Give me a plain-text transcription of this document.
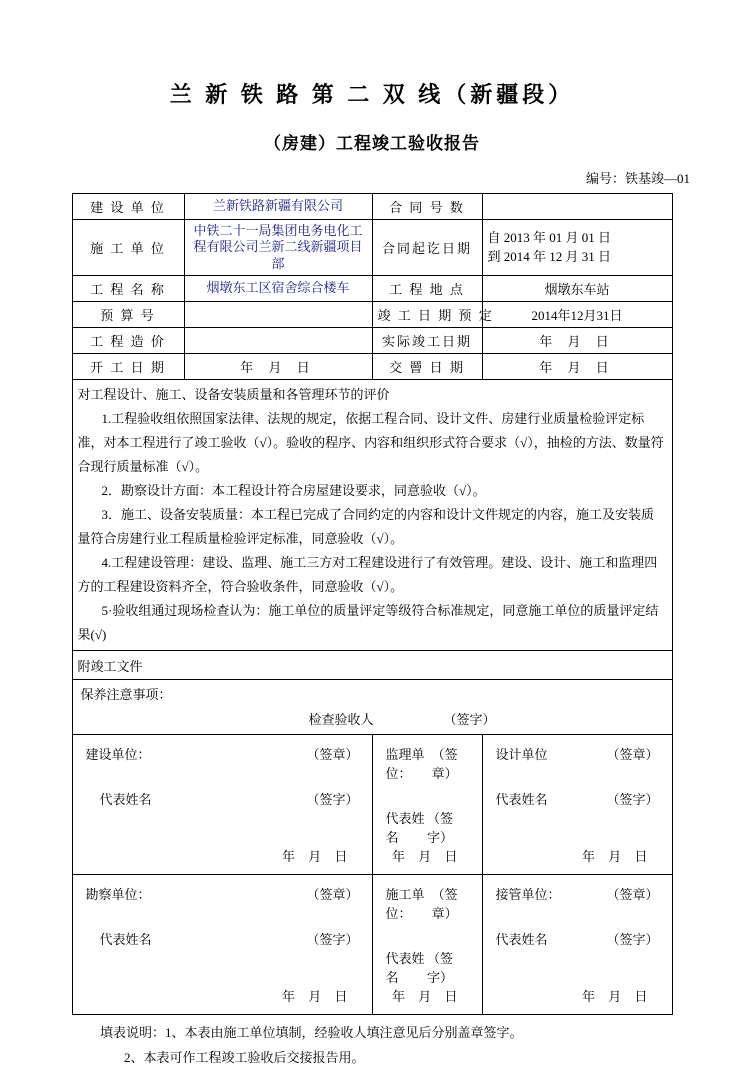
兰 新 铁 路 第 二 双 线（新疆段）
（房建）工程竣工验收报告
编号：铁基竣—01
建 设 单 位	兰新铁路新疆有限公司	合 同 号 数	
施 工 单 位	中铁二十一局集团电务电化工程有限公司兰新二线新疆项目部	合同起讫日期	自 2013 年 01 月 01 日
到 2014 年 12 月 31 日

工 程 名 称	烟墩东工区宿舍综合楼车	工 程 地 点	烟墩东车站
预 算 号		竣 工 日 期 预 定	2014年12月31日
工 程 造 价		实际竣工日期	年 月 日
开 工 日 期	年 月 日	交 罾 日 期	年 月 日

对工程设计、施工、设备安装质量和各管理环节的评价

1.工程验收组依照国家法律、法规的规定，依据工程合同、设计文件、房建行业质量检验评定标准，对本工程进行了竣工验收（√）。验收的程序、内容和组织形式符合要求（√），抽检的方法、数量符合现行质量标准（√）。

2．勘察设计方面：本工程设计符合房屋建设要求，同意验收（√）。

3．施工、设备安装质量：本工程已完成了合同约定的内容和设计文件规定的内容，施工及安装质量符合房建行业工程质量检验评定标准，同意验收（√）。

4.工程建设管理：建设、监理、施工三方对工程建设进行了有效管理。建设、设计、施工和监理四方的工程建设资料齐全，符合验收条件，同意验收（√）。

5·验收组通过现场检查认为：施工单位的质量评定等级符合标准规定，同意施工单位的质量评定结果(√)

附竣工文件			

保养注意事项：
检查验收人 （签字）			

建设单位：	（签章）
代表姓名	（签字）
年 月 日

监理单位：
（签章）
代表姓名
（签字）
年 月 日

设计单位	（签章）
代表姓名	（签字）
年 月 日

勘察单位：	（签章）
代表姓名	（签字）
年 月 日

施工单位：
（签章）
代表姓名
（签字）
年 月 日

接管单位：	（签章）
代表姓名	（签字）
年 月 日
填表说明：1、本表由施工单位填制，经验收人填注意见后分别盖章签字。
2、本表可作工程竣工验收后交接报告用。
